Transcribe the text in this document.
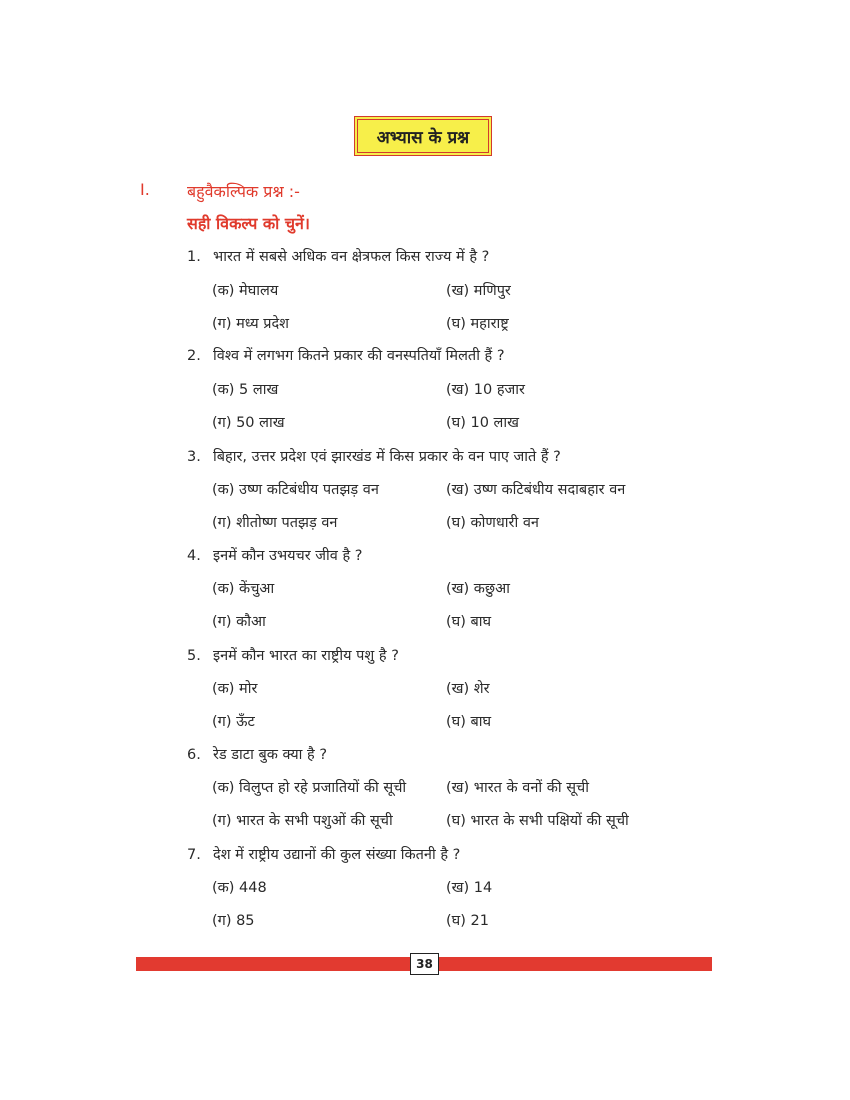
अभ्यास के प्रश्न
I. बहुवैकल्पिक प्रश्न :-
सही विकल्प को चुनें।
1. भारत में सबसे अधिक वन क्षेत्रफल किस राज्य में है ?
(क) मेघालय	(ख) मणिपुर
(ग) मध्य प्रदेश	(घ) महाराष्ट्र
2. विश्व में लगभग कितने प्रकार की वनस्पतियाँ मिलती हैं ?
(क) 5 लाख	(ख) 10 हजार
(ग) 50 लाख	(घ) 10 लाख
3. बिहार, उत्तर प्रदेश एवं झारखंड में किस प्रकार के वन पाए जाते हैं ?
(क) उष्ण कटिबंधीय पतझड़ वन	(ख) उष्ण कटिबंधीय सदाबहार वन
(ग) शीतोष्ण पतझड़ वन	(घ) कोणधारी वन
4. इनमें कौन उभयचर जीव है ?
(क) केंचुआ	(ख) कछुआ
(ग) कौआ	(घ) बाघ
5. इनमें कौन भारत का राष्ट्रीय पशु है ?
(क) मोर	(ख) शेर
(ग) ऊँट	(घ) बाघ
6. रेड डाटा बुक क्या है ?
(क) विलुप्त हो रहे प्रजातियों की सूची	(ख) भारत के वनों की सूची
(ग) भारत के सभी पशुओं की सूची	(घ) भारत के सभी पक्षियों की सूची
7. देश में राष्ट्रीय उद्यानों की कुल संख्या कितनी है ?
(क) 448	(ख) 14
(ग) 85	(घ) 21
38
